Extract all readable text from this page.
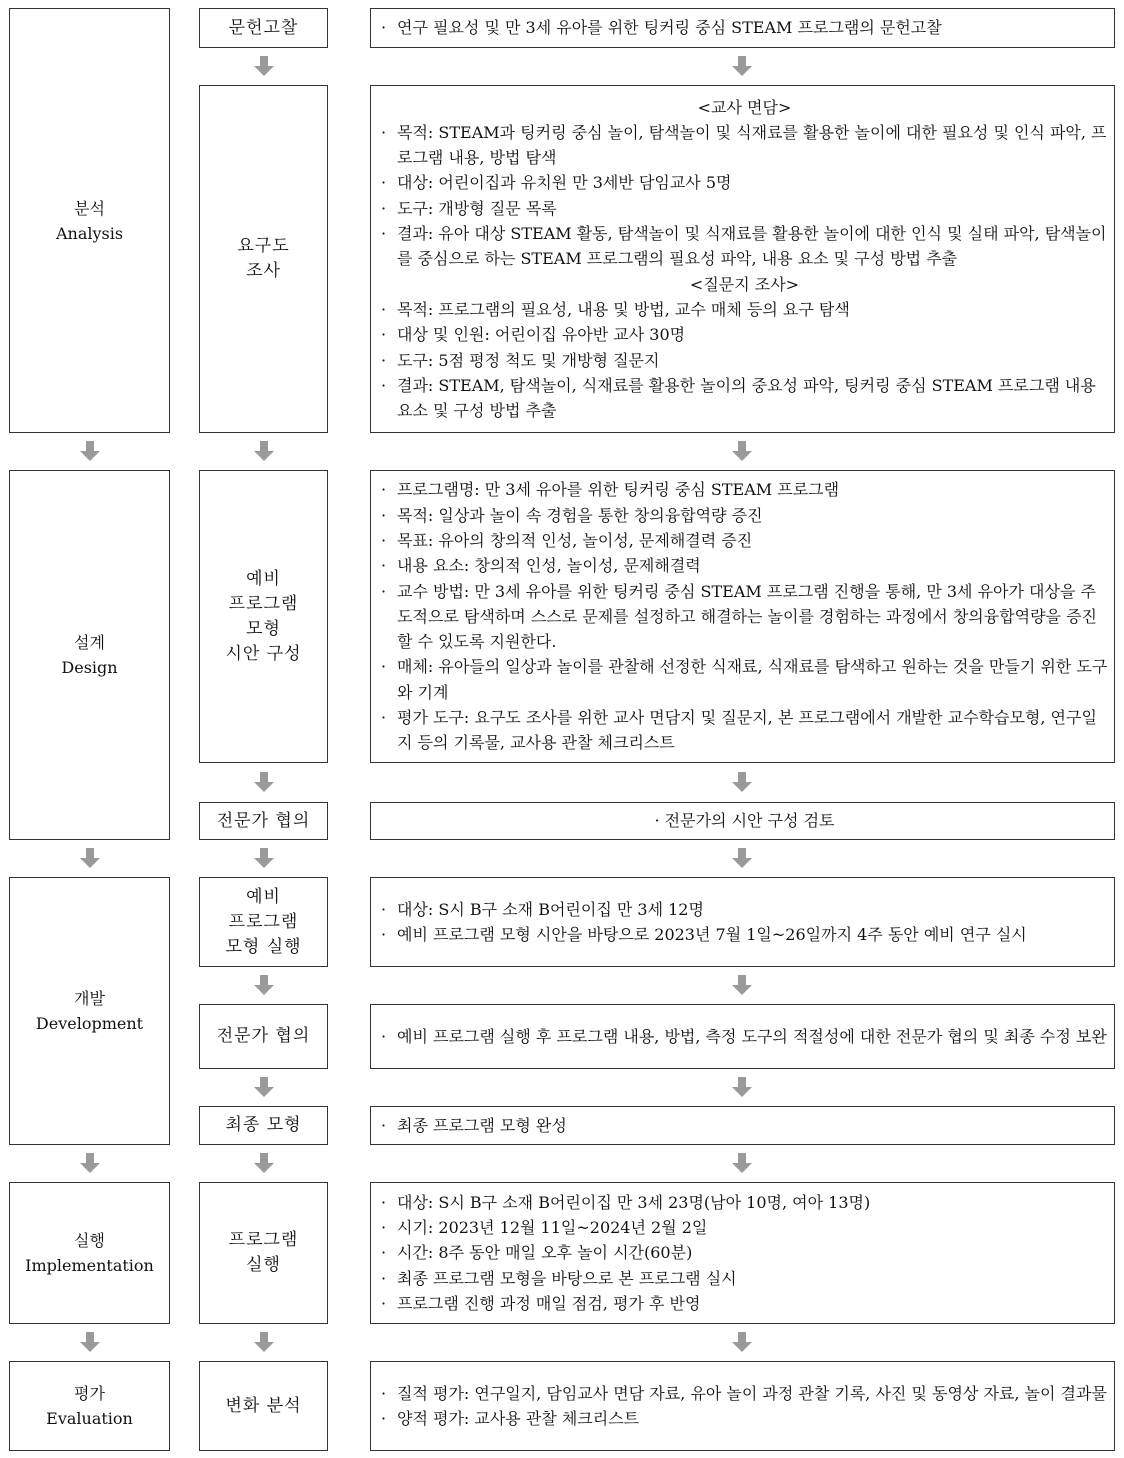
분석
Analysis
설계
Design
개발
Development
실행
Implementation
평가
Evaluation
문헌고찰
요구도
조사
예비
프로그램
모형
시안 구성
전문가 협의
예비
프로그램
모형 실행
전문가 협의
최종 모형
프로그램
실행
변화 분석
· 연구 필요성 및 만 3세 유아를 위한 팅커링 중심 STEAM 프로그램의 문헌고찰
<교사 면담>
· 목적: STEAM과 팅커링 중심 놀이, 탐색놀이 및 식재료를 활용한 놀이에 대한 필요성 및 인식 파악, 프로그램 내용, 방법 탐색
· 대상: 어린이집과 유치원 만 3세반 담임교사 5명
· 도구: 개방형 질문 목록
· 결과: 유아 대상 STEAM 활동, 탐색놀이 및 식재료를 활용한 놀이에 대한 인식 및 실태 파악, 탐색놀이를 중심으로 하는 STEAM 프로그램의 필요성 파악, 내용 요소 및 구성 방법 추출
<질문지 조사>
· 목적: 프로그램의 필요성, 내용 및 방법, 교수 매체 등의 요구 탐색
· 대상 및 인원: 어린이집 유아반 교사 30명
· 도구: 5점 평정 척도 및 개방형 질문지
· 결과: STEAM, 탐색놀이, 식재료를 활용한 놀이의 중요성 파악, 팅커링 중심 STEAM 프로그램 내용 요소 및 구성 방법 추출
· 프로그램명: 만 3세 유아를 위한 팅커링 중심 STEAM 프로그램
· 목적: 일상과 놀이 속 경험을 통한 창의융합역량 증진
· 목표: 유아의 창의적 인성, 놀이성, 문제해결력 증진
· 내용 요소: 창의적 인성, 놀이성, 문제해결력
· 교수 방법: 만 3세 유아를 위한 팅커링 중심 STEAM 프로그램 진행을 통해, 만 3세 유아가 대상을 주도적으로 탐색하며 스스로 문제를 설정하고 해결하는 놀이를 경험하는 과정에서 창의융합역량을 증진할 수 있도록 지원한다.
· 매체: 유아들의 일상과 놀이를 관찰해 선정한 식재료, 식재료를 탐색하고 원하는 것을 만들기 위한 도구와 기계
· 평가 도구: 요구도 조사를 위한 교사 면담지 및 질문지, 본 프로그램에서 개발한 교수학습모형, 연구일지 등의 기록물, 교사용 관찰 체크리스트
· 전문가의 시안 구성 검토
· 대상: S시 B구 소재 B어린이집 만 3세 12명
· 예비 프로그램 모형 시안을 바탕으로 2023년 7월 1일~26일까지 4주 동안 예비 연구 실시
· 예비 프로그램 실행 후 프로그램 내용, 방법, 측정 도구의 적절성에 대한 전문가 협의 및 최종 수정 보완
· 최종 프로그램 모형 완성
· 대상: S시 B구 소재 B어린이집 만 3세 23명(남아 10명, 여아 13명)
· 시기: 2023년 12월 11일~2024년 2월 2일
· 시간: 8주 동안 매일 오후 놀이 시간(60분)
· 최종 프로그램 모형을 바탕으로 본 프로그램 실시
· 프로그램 진행 과정 매일 점검, 평가 후 반영
· 질적 평가: 연구일지, 담임교사 면담 자료, 유아 놀이 과정 관찰 기록, 사진 및 동영상 자료, 놀이 결과물
· 양적 평가: 교사용 관찰 체크리스트
